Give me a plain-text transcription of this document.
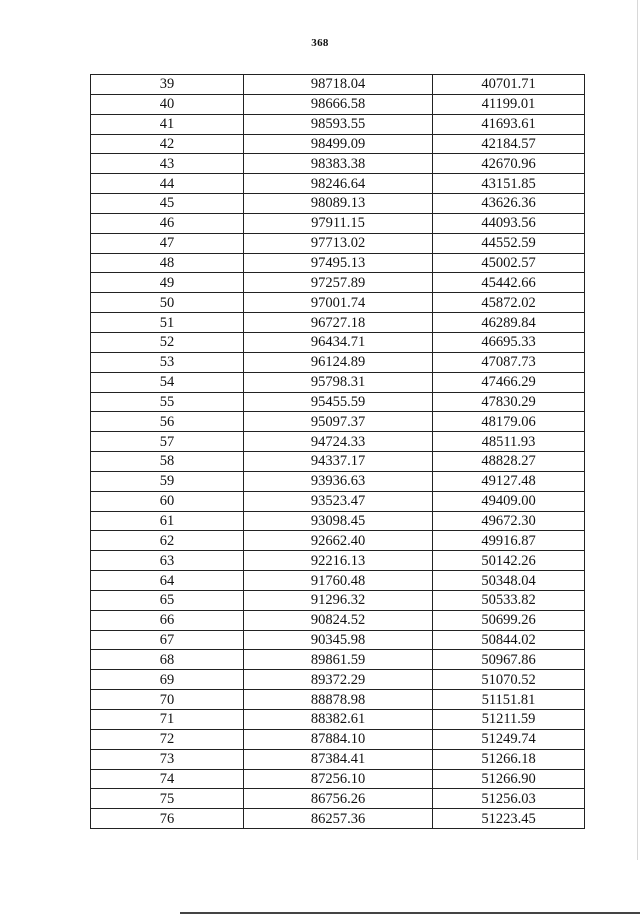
368
39	98718.04	40701.71
40	98666.58	41199.01
41	98593.55	41693.61
42	98499.09	42184.57
43	98383.38	42670.96
44	98246.64	43151.85
45	98089.13	43626.36
46	97911.15	44093.56
47	97713.02	44552.59
48	97495.13	45002.57
49	97257.89	45442.66
50	97001.74	45872.02
51	96727.18	46289.84
52	96434.71	46695.33
53	96124.89	47087.73
54	95798.31	47466.29
55	95455.59	47830.29
56	95097.37	48179.06
57	94724.33	48511.93
58	94337.17	48828.27
59	93936.63	49127.48
60	93523.47	49409.00
61	93098.45	49672.30
62	92662.40	49916.87
63	92216.13	50142.26
64	91760.48	50348.04
65	91296.32	50533.82
66	90824.52	50699.26
67	90345.98	50844.02
68	89861.59	50967.86
69	89372.29	51070.52
70	88878.98	51151.81
71	88382.61	51211.59
72	87884.10	51249.74
73	87384.41	51266.18
74	87256.10	51266.90
75	86756.26	51256.03
76	86257.36	51223.45
